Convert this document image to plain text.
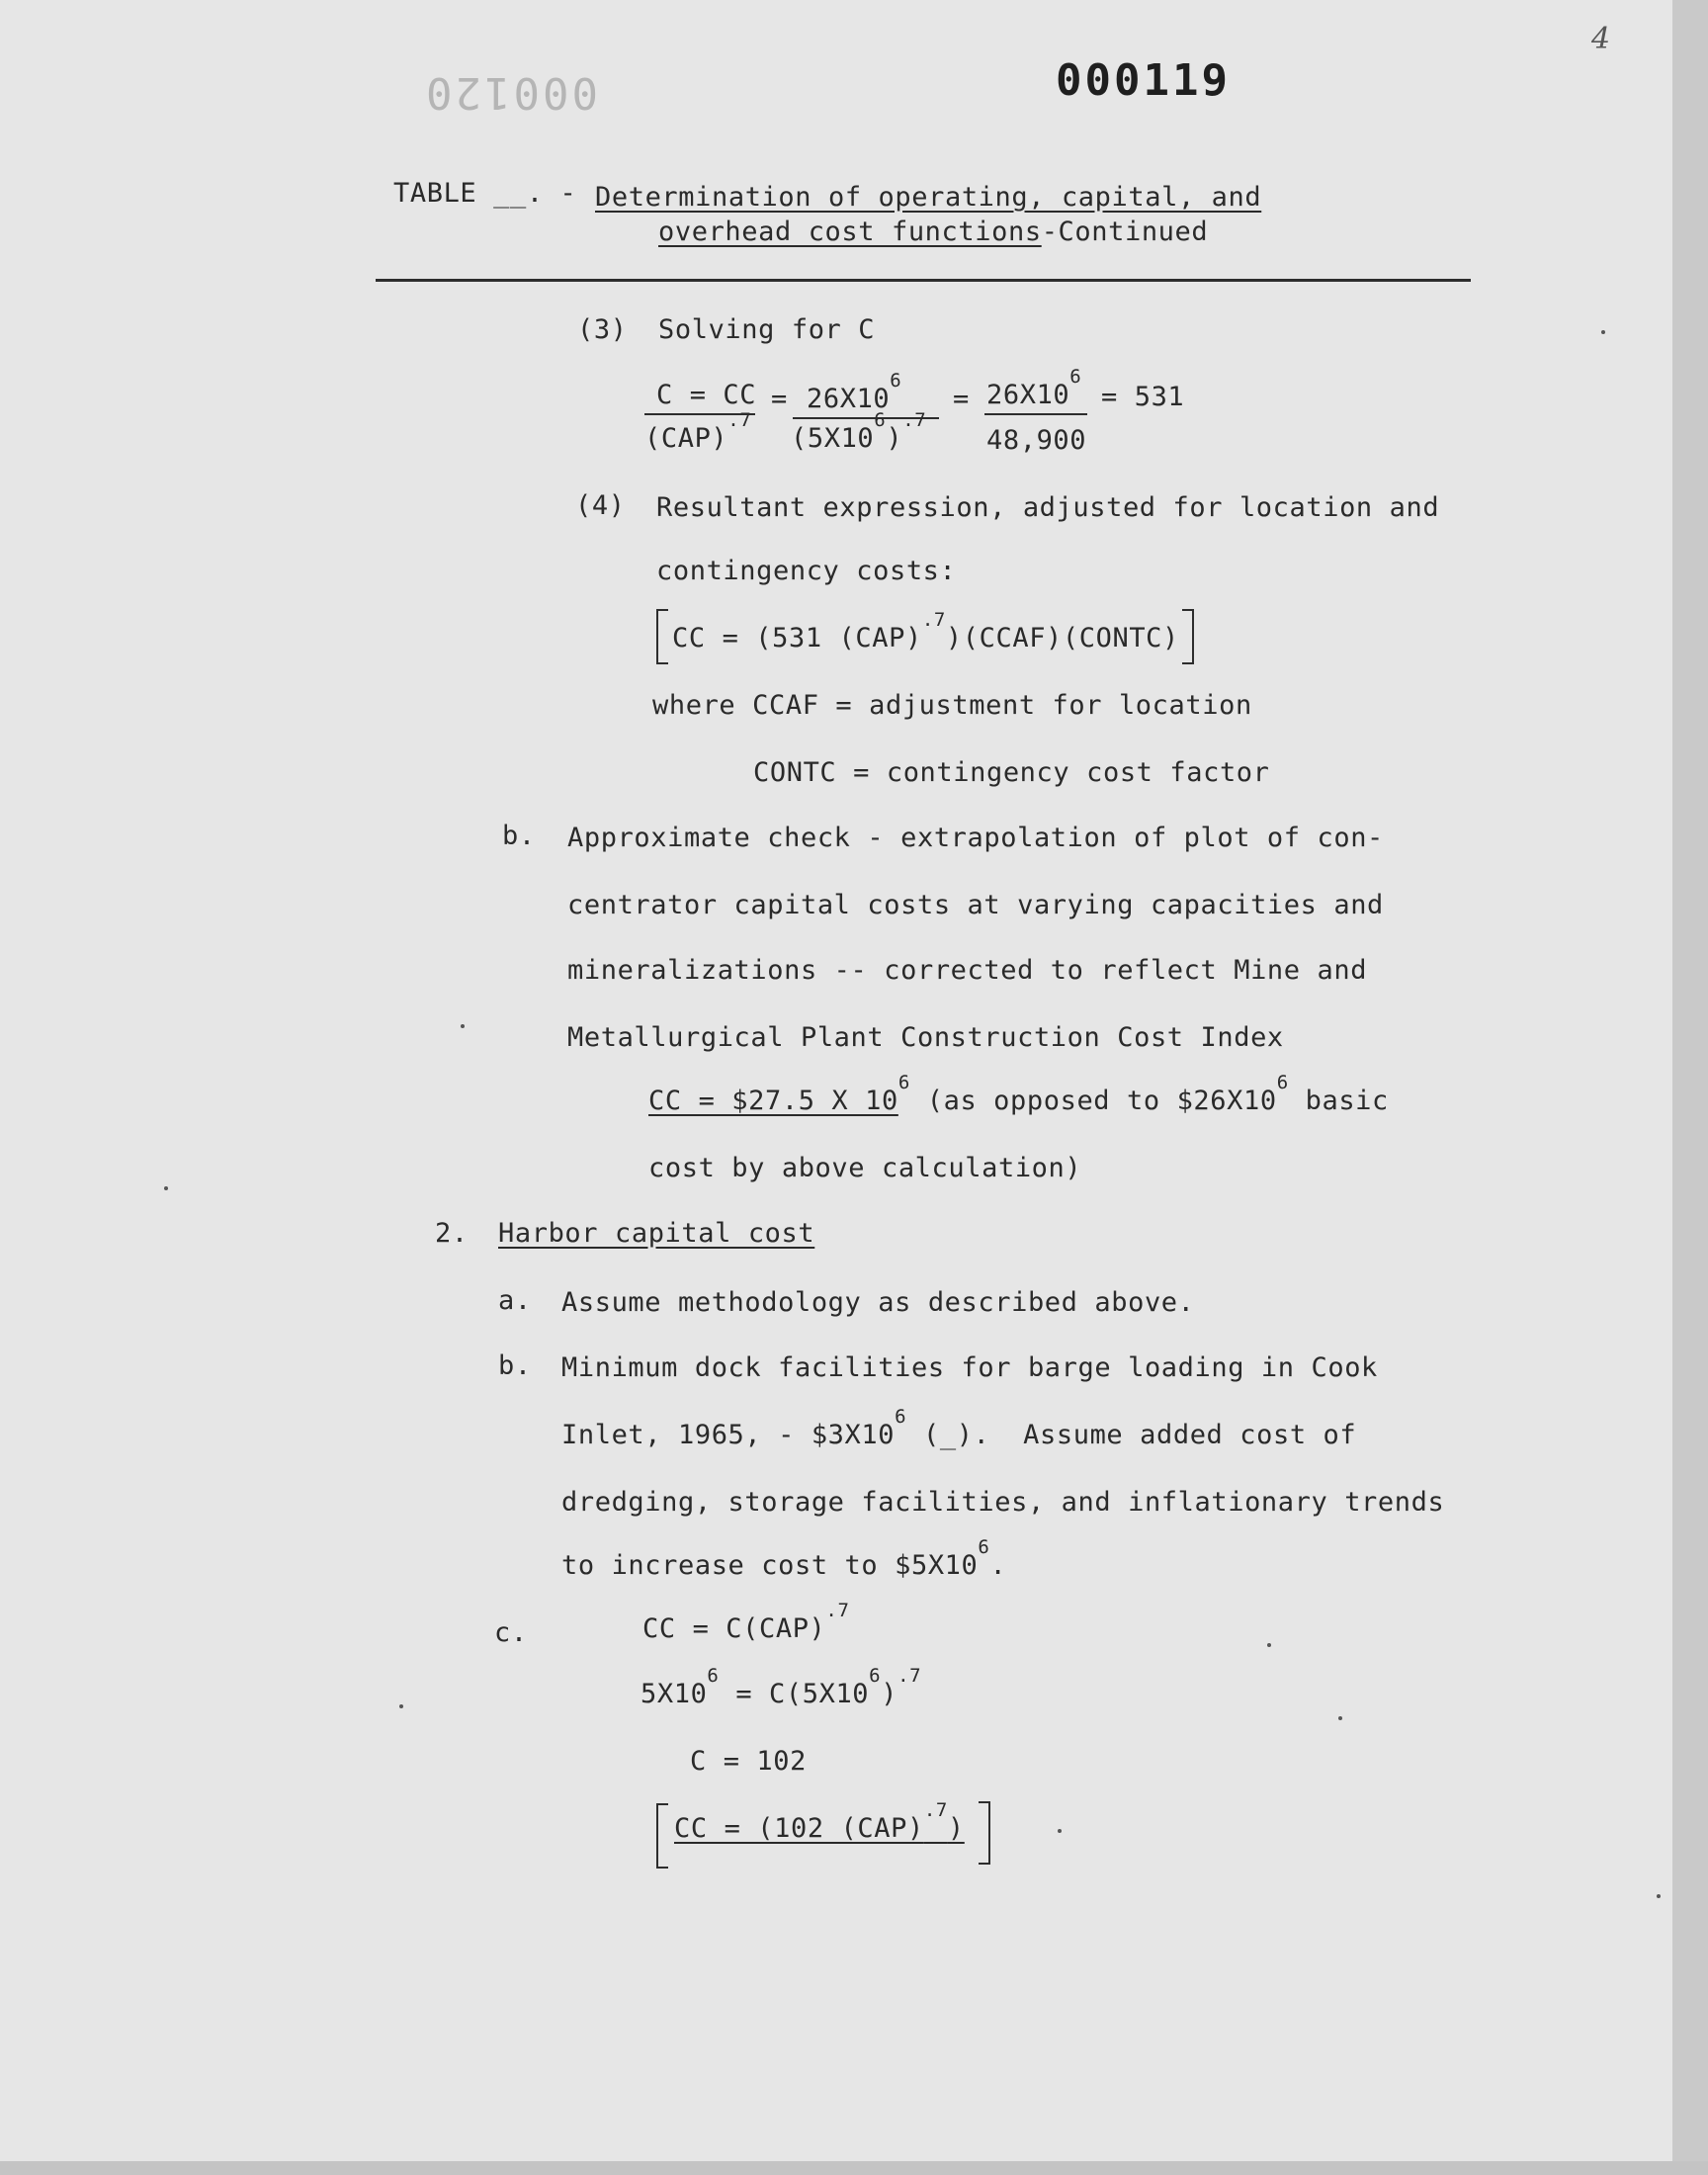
4
000120	000119
TABLE __. - Determination of operating, capital, and
overhead cost functions-Continued
(3) Solving for C
C = CC
(CAP)$^{.7}$
= $26X10^6$
$(5X10^6)^{.7}$
= $26X10^6$
48,900
= 531
(4) Resultant expression, adjusted for location and
contingency costs:
CC = (531 (CAP)$^{.7}$)(CCAF)(CONTC)
where CCAF = adjustment for location
CONTC = contingency cost factor
b. Approximate check - extrapolation of plot of con-
centrator capital costs at varying capacities and
mineralizations -- corrected to reflect Mine and
Metallurgical Plant Construction Cost Index
CC = $27.5 X $10^6$ (as opposed to $\$26X10^6$ basic
cost by above calculation)
2. Harbor capital cost
a. Assume methodology as described above.
b. Minimum dock facilities for barge loading in Cook
Inlet, 1965, - $\$3X10^6$ (_).  Assume added cost of
dredging, storage facilities, and inflationary trends
to increase cost to $\$5X10^6$.
c.	CC = C(CAP)$^{.7}$
$5X10^6 = C(5X10^6)^{.7}$
C = 102
CC = (102 (CAP)$^{.7}$)
